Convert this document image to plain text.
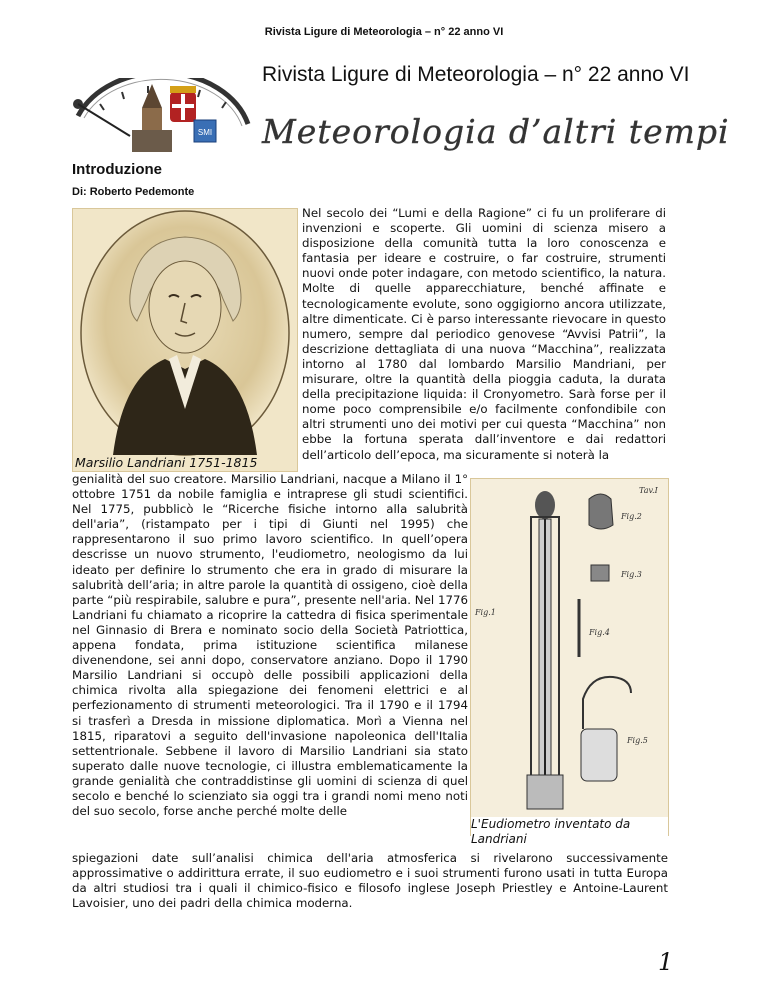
Rivista Ligure di Meteorologia – n° 22 anno VI
Rivista Ligure di Meteorologia – n° 22 anno VI
SMI Meteorologia d’altri tempi
Introduzione
Di: Roberto Pedemonte
Marsilio Landriani 1751-1815

Nel secolo dei “Lumi e della Ragione” ci fu un proliferare di invenzioni e scoperte. Gli uomini di scienza misero a disposizione della comunità tutta la loro conoscenza e fantasia per ideare e costruire, o far costruire, strumenti nuovi onde poter indagare, con metodo scientifico, la natura. Molte di quelle apparecchiature, benché affinate e tecnologicamente evolute, sono oggigiorno ancora utilizzate, altre dimenticate. Ci è parso interessante rievocare in questo numero, sempre dal periodico genovese “Avvisi Patrii”, la descrizione dettagliata di una nuova “Macchina”, realizzata intorno al 1780 dal lombardo Marsilio Mandriani, per misurare, oltre la quantità della pioggia caduta, la durata della precipitazione liquida: il Cronyometro. Sarà forse per il nome poco comprensibile e/o facilmente confondibile con altri strumenti uno dei motivi per cui questa “Macchina” non ebbe la fortuna sperata dall’inventore e dai redattori dell’articolo dell’epoca, ma sicuramente si noterà la

genialità del suo creatore. Marsilio Landriani, nacque a Milano il 1° ottobre 1751 da nobile famiglia e intraprese gli studi scientifici. Nel 1775, pubblicò le “Ricerche fisiche intorno alla salubrità dell'aria”, (ristampato per i tipi di Giunti nel 1995) che rappresentarono il suo primo lavoro scientifico. In quell’opera descrisse un nuovo strumento, l'eudiometro, neologismo da lui ideato per definire lo strumento che era in grado di misurare la salubrità dell’aria; in altre parole la quantità di ossigeno, cioè della parte “più respirabile, salubre e pura”, presente nell'aria. Nel 1776 Landriani fu chiamato a ricoprire la cattedra di fisica sperimentale nel Ginnasio di Brera e nominato socio della Società Patriottica, appena fondata, prima istituzione scientifica milanese divenendone, sei anni dopo, conservatore anziano. Dopo il 1790 Marsilio Landriani si occupò delle possibili applicazioni della chimica rivolta alla spiegazione dei fenomeni elettrici e al perfezionamento di strumenti meteorologici. Tra il 1790 e il 1794 si trasferì a Dresda in missione diplomatica. Morì a Vienna nel 1815, riparatovi a seguito dell'invasione napoleonica dell'Italia settentrionale. Sebbene il lavoro di Marsilio Landriani sia stato superato dalle nuove tecnologie, ci illustra emblematicamente la grande genialità che contraddistinse gli uomini di scienza di quel secolo e benché lo scienziato sia oggi tra i grandi nomi meno noti del suo secolo, forse anche perché molte delle

Tav.I
Fig.1
Fig.2
Fig.3
Fig.4
Fig.5
L'Eudiometro inventato da Landriani

spiegazioni date sull’analisi chimica dell'aria atmosferica si rivelarono successivamente approssimative o addirittura errate, il suo eudiometro e i suoi strumenti furono usati in tutta Europa da altri studiosi tra i quali il chimico-fisico e filosofo inglese Joseph Priestley e Antoine-Laurent Lavoisier, uno dei padri della chimica moderna.

1
